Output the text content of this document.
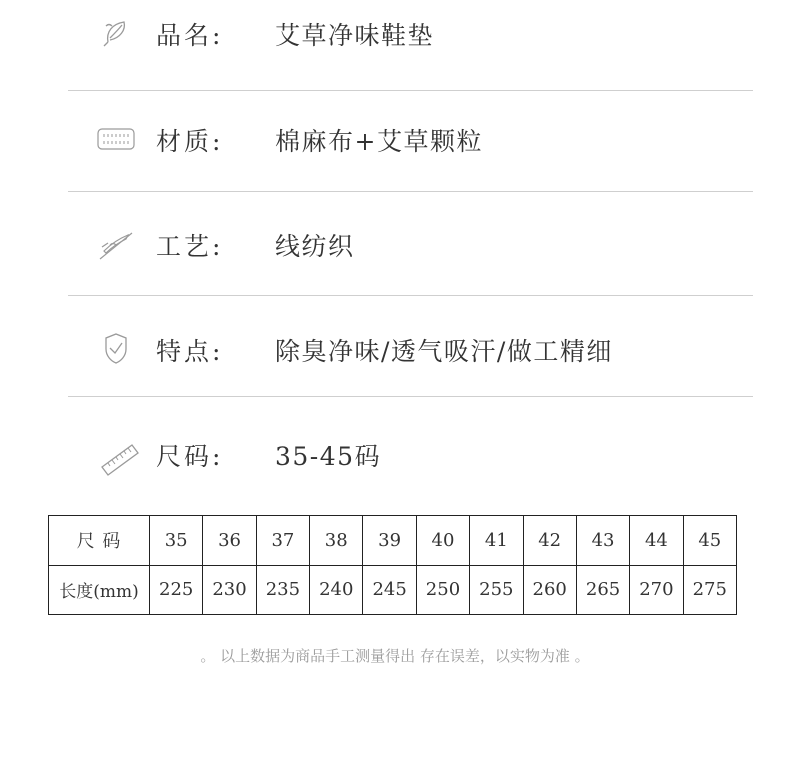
品名: 艾草净味鞋垫
材质: 棉麻布+艾草颗粒
工艺: 线纺织
特点: 除臭净味/透气吸汗/做工精细
尺码: 35-45码
尺 码	35	36	37	38	39	40	41	42	43	44	45
长度(mm)	225	230	235	240	245	250	255	260	265	270	275
。 以上数据为商品手工测量得出 存在误差，以实物为准 。
